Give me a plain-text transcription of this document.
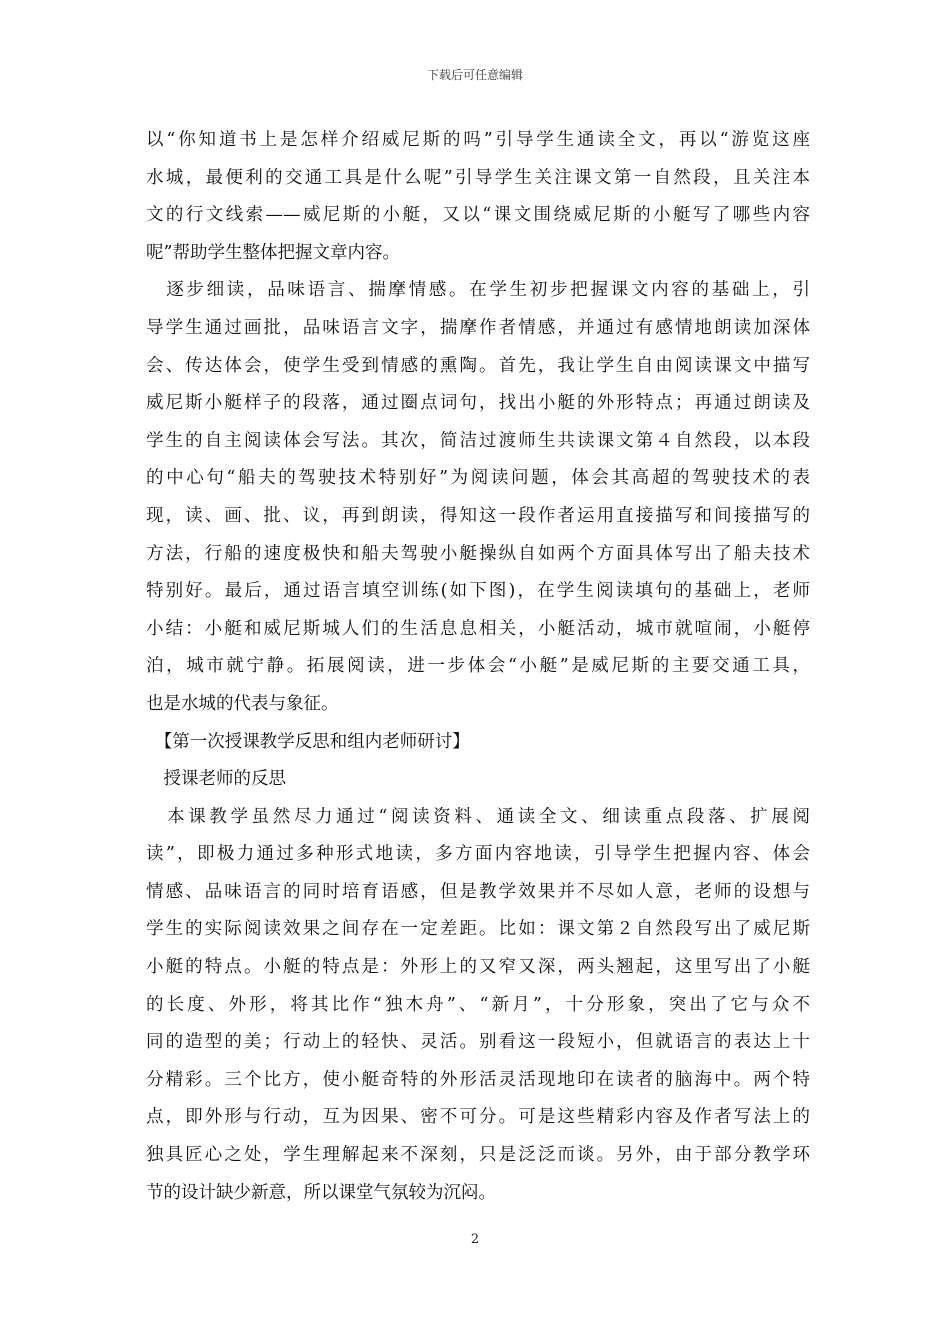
下载后可任意编辑
以“你知道书上是怎样介绍威尼斯的吗”引导学生通读全文，再以“游览这座
水城，最便利的交通工具是什么呢”引导学生关注课文第一自然段，且关注本
文的行文线索——威尼斯的小艇，又以“课文围绕威尼斯的小艇写了哪些内容
呢”帮助学生整体把握文章内容。
　逐步细读，品味语言、揣摩情感。在学生初步把握课文内容的基础上，引
导学生通过画批，品味语言文字，揣摩作者情感，并通过有感情地朗读加深体
会、传达体会，使学生受到情感的熏陶。首先，我让学生自由阅读课文中描写
威尼斯小艇样子的段落，通过圈点词句，找出小艇的外形特点；再通过朗读及
学生的自主阅读体会写法。其次，简洁过渡师生共读课文第４自然段，以本段
的中心句“船夫的驾驶技术特别好”为阅读问题，体会其高超的驾驶技术的表
现，读、画、批、议，再到朗读，得知这一段作者运用直接描写和间接描写的
方法，行船的速度极快和船夫驾驶小艇操纵自如两个方面具体写出了船夫技术
特别好。最后，通过语言填空训练(如下图)，在学生阅读填句的基础上，老师
小结：小艇和威尼斯城人们的生活息息相关，小艇活动，城市就喧闹，小艇停
泊，城市就宁静。拓展阅读，进一步体会“小艇”是威尼斯的主要交通工具，
也是水城的代表与象征。
　【第一次授课教学反思和组内老师研讨】
　授课老师的反思
　本课教学虽然尽力通过“阅读资料、通读全文、细读重点段落、扩展阅
读”，即极力通过多种形式地读，多方面内容地读，引导学生把握内容、体会
情感、品味语言的同时培育语感，但是教学效果并不尽如人意，老师的设想与
学生的实际阅读效果之间存在一定差距。比如：课文第２自然段写出了威尼斯
小艇的特点。小艇的特点是：外形上的又窄又深，两头翘起，这里写出了小艇
的长度、外形，将其比作“独木舟”、“新月”，十分形象，突出了它与众不
同的造型的美；行动上的轻快、灵活。别看这一段短小，但就语言的表达上十
分精彩。三个比方，使小艇奇特的外形活灵活现地印在读者的脑海中。两个特
点，即外形与行动，互为因果、密不可分。可是这些精彩内容及作者写法上的
独具匠心之处，学生理解起来不深刻，只是泛泛而谈。另外，由于部分教学环
节的设计缺少新意，所以课堂气氛较为沉闷。
2
